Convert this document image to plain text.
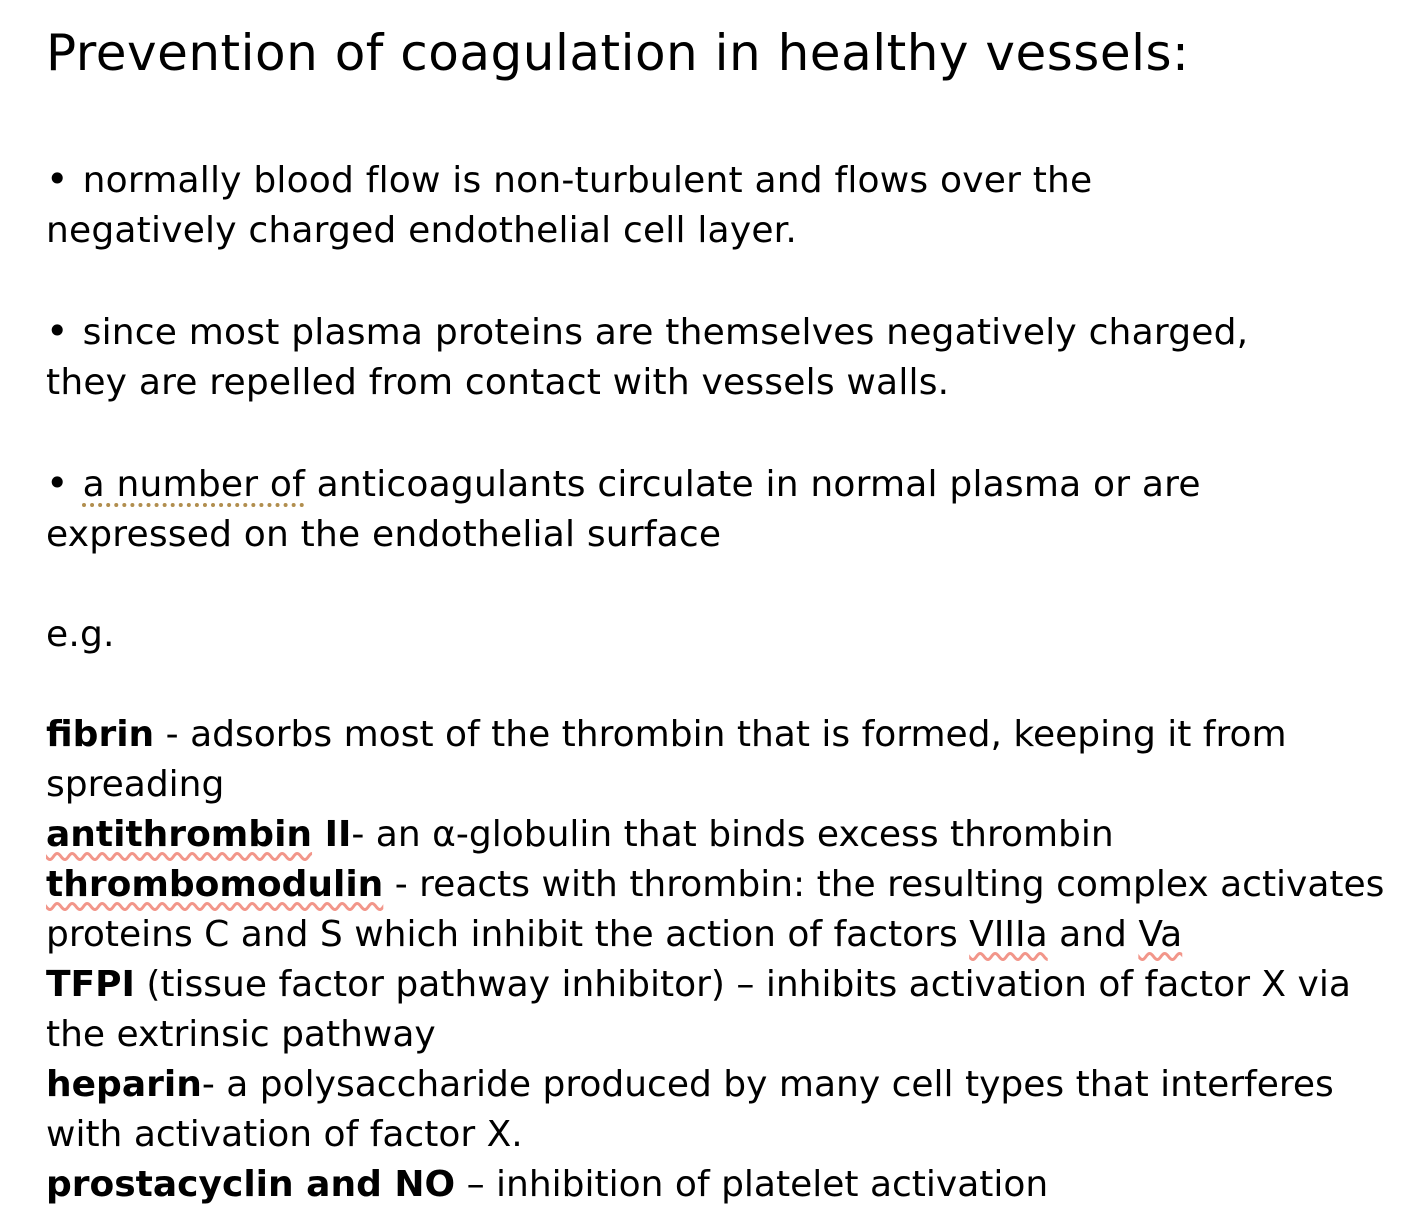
Prevention of coagulation in healthy vessels:
• normally blood flow is non-turbulent and flows over the
negatively charged endothelial cell layer.
• since most plasma proteins are themselves negatively charged,
they are repelled from contact with vessels walls.
• a number of anticoagulants circulate in normal plasma or are
expressed on the endothelial surface
e.g.
fibrin - adsorbs most of the thrombin that is formed, keeping it from
spreading
antithrombin II- an α-globulin that binds excess thrombin
thrombomodulin - reacts with thrombin: the resulting complex activates
proteins C and S which inhibit the action of factors VIIIa and Va
TFPI (tissue factor pathway inhibitor) – inhibits activation of factor X via
the extrinsic pathway
heparin- a polysaccharide produced by many cell types that interferes
with activation of factor X.
prostacyclin and NO – inhibition of platelet activation
